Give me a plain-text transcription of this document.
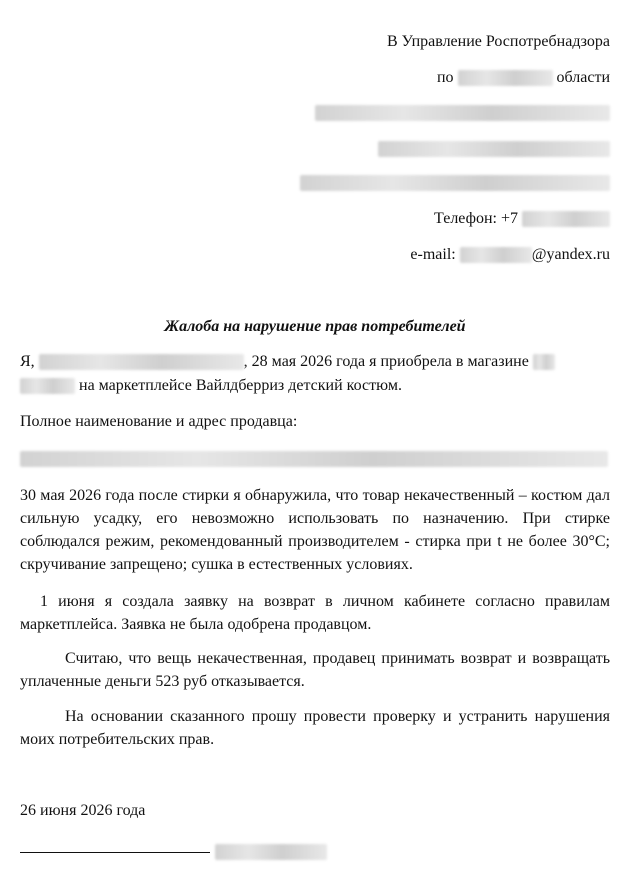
В Управление Роспотребнадзора
по	области
Телефон: +7
e-mail:	@yandex.ru
Жалоба на нарушение прав потребителей
Я,	, 28 мая 2026 года я приобрела в магазине
на маркетплейсе Вайлдберриз детский костюм.
Полное наименование и адрес продавца:
30 мая 2026 года после стирки я обнаружила, что товар некачественный – костюм дал сильную усадку, его невозможно использовать по назначению. При стирке соблюдался режим, рекомендованный производителем - стирка при t не более 30°С; скручивание запрещено; сушка в естественных условиях.
1 июня я создала заявку на возврат в личном кабинете согласно правилам маркетплейса. Заявка не была одобрена продавцом.
Считаю, что вещь некачественная, продавец принимать возврат и возвращать уплаченные деньги 523 руб отказывается.
На основании сказанного прошу провести проверку и устранить нарушения моих потребительских прав.
26 июня 2026 года
